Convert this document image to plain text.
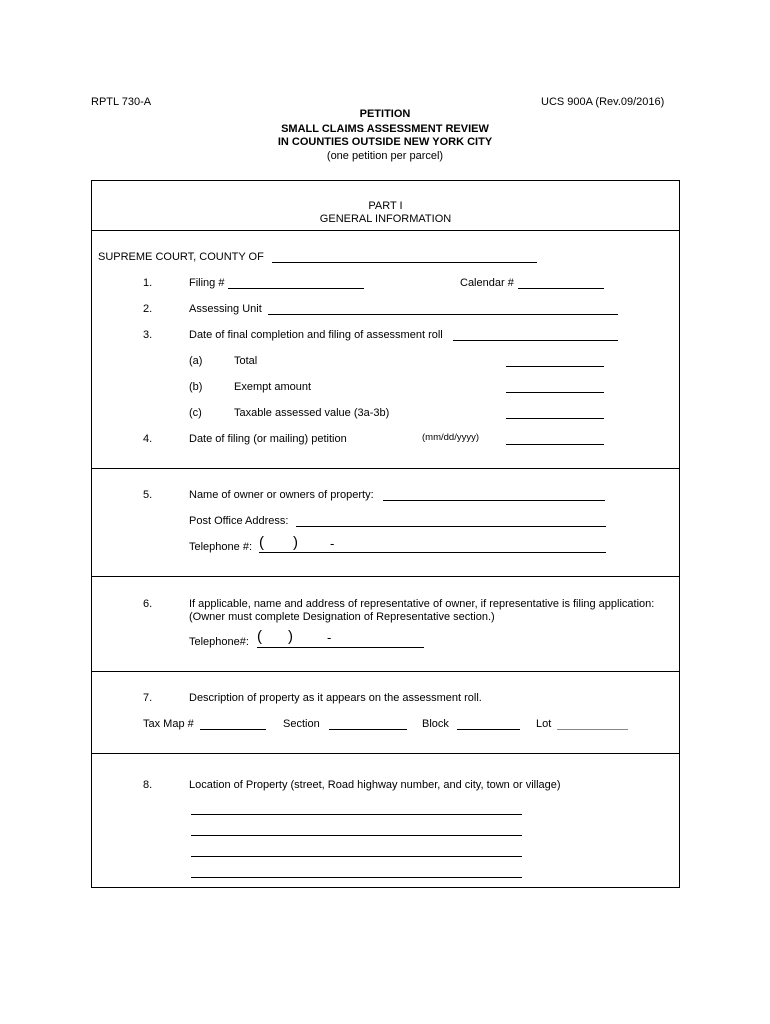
RPTL 730-A	UCS 900A (Rev.09/2016)
PETITION
SMALL CLAIMS ASSESSMENT REVIEW
IN COUNTIES OUTSIDE NEW YORK CITY
(one petition per parcel)
PART I
GENERAL INFORMATION
SUPREME COURT, COUNTY OF
1.	Filing #	Calendar #
2.	Assessing Unit
3.	Date of final completion and filing of assessment roll
(a)	Total
(b)	Exempt amount
(c)	Taxable assessed value (3a-3b)
4.	Date of filing (or mailing) petition	(mm/dd/yyyy)
5.	Name of owner or owners of property:
Post Office Address:
Telephone #: ( ) -
6.	If applicable, name and address of representative of owner, if representative is filing application:
(Owner must complete Designation of Representative section.)
Telephone#: ( )	-
7.	Description of property as it appears on the assessment roll.
Tax Map #	Section	Block	Lot
8.	Location of Property (street, Road highway number, and city, town or village)
